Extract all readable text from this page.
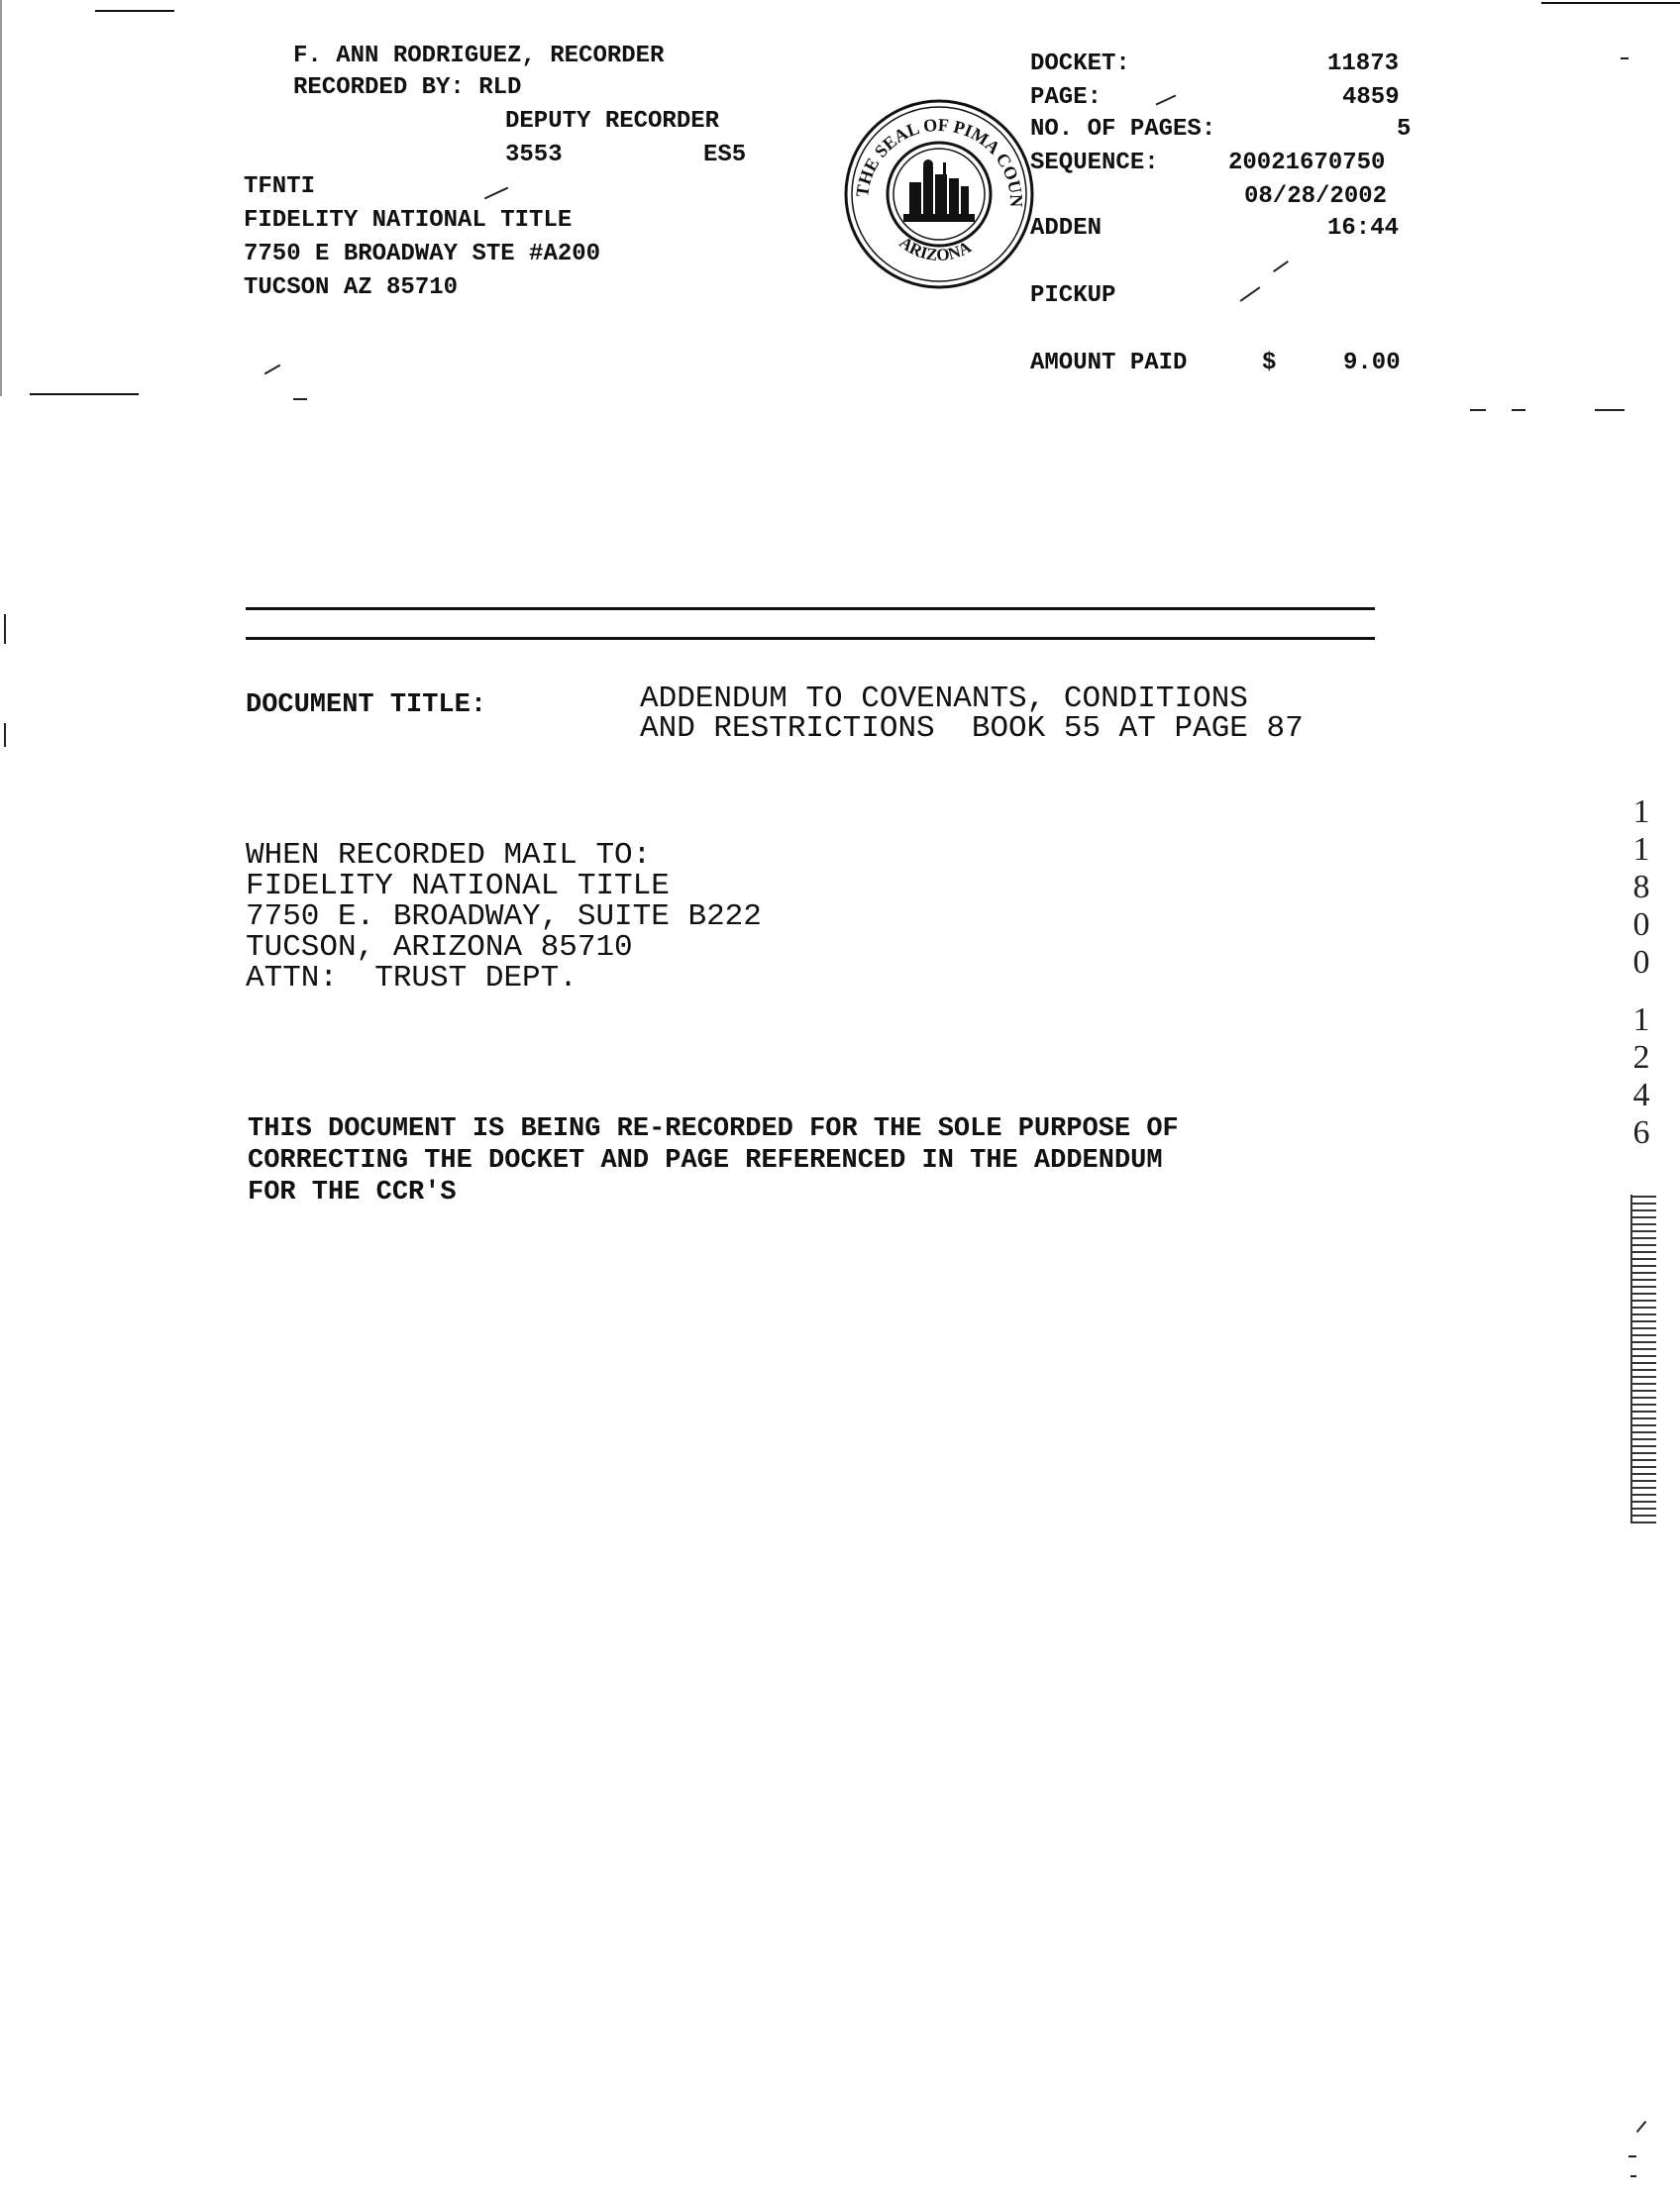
F. ANN RODRIGUEZ, RECORDER
RECORDED BY: RLD
DEPUTY RECORDER
3553	ES5
TFNTI
FIDELITY NATIONAL TITLE
7750 E BROADWAY STE #A200
TUCSON AZ 85710

THE SEAL OF PIMA COUN
ARIZONA

DOCKET:	11873
PAGE:	4859
NO. OF PAGES:	5
SEQUENCE:	20021670750
08/28/2002
ADDEN	16:44
PICKUP
AMOUNT PAID	$	9.00
DOCUMENT TITLE:	ADDENDUM TO COVENANTS, CONDITIONS
AND RESTRICTIONS  BOOK 55 AT PAGE 87
WHEN RECORDED MAIL TO:
FIDELITY NATIONAL TITLE
7750 E. BROADWAY, SUITE B222
TUCSON, ARIZONA 85710
ATTN:  TRUST DEPT.
THIS DOCUMENT IS BEING RE-RECORDED FOR THE SOLE PURPOSE OF
CORRECTING THE DOCKET AND PAGE REFERENCED IN THE ADDENDUM
FOR THE CCR'S
1
1
8
0
0
1
2
4
6
